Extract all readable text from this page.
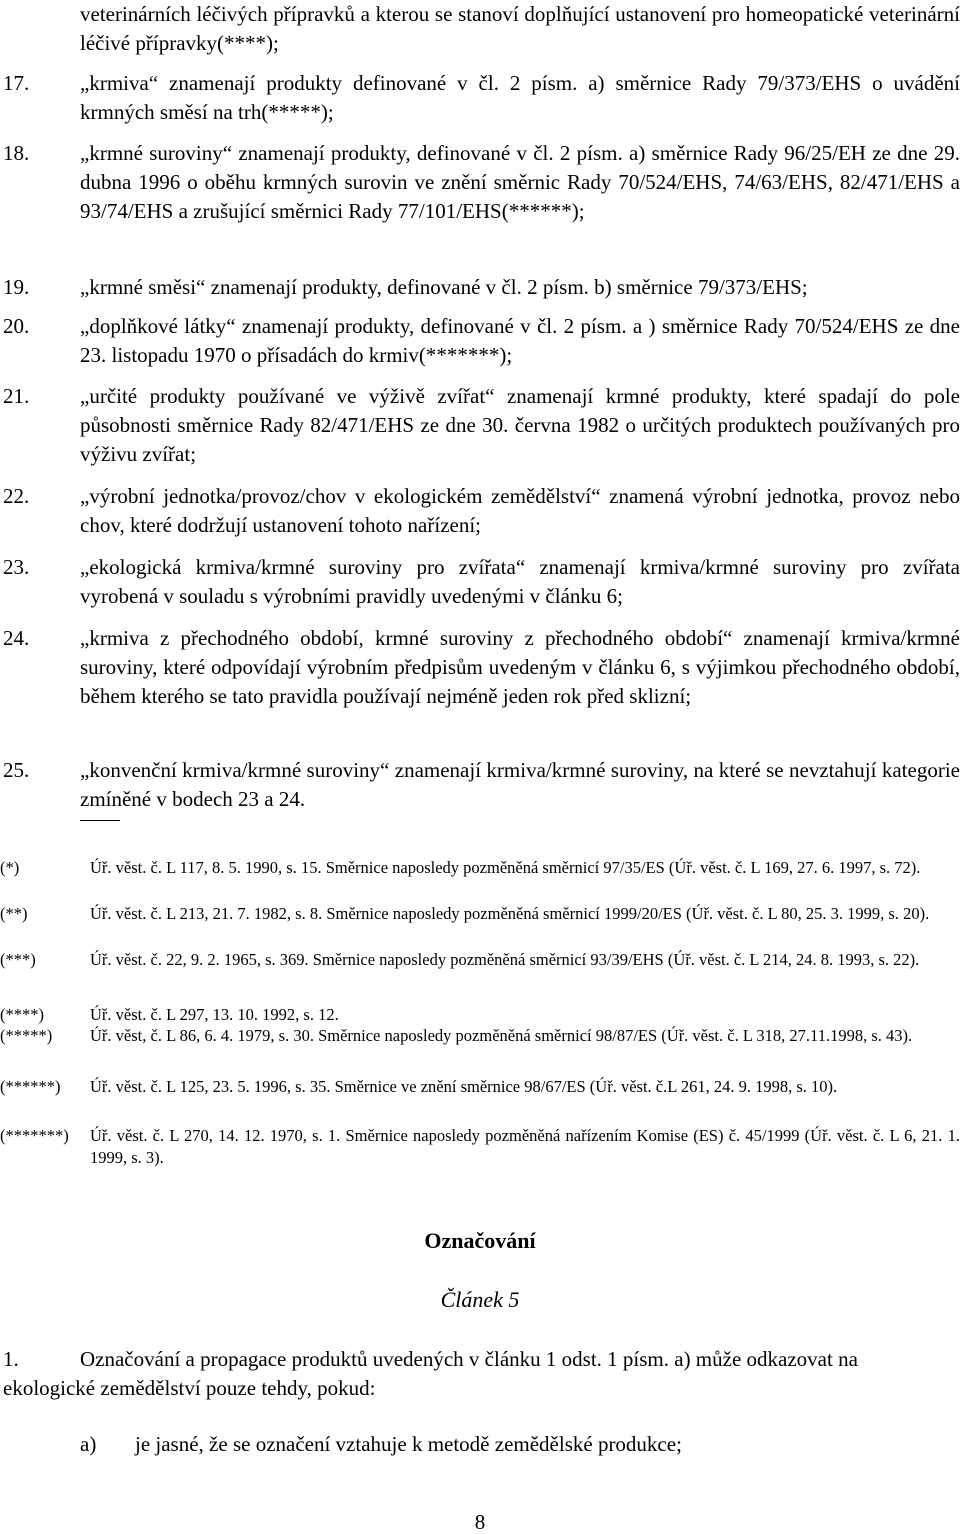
veterinárních léčivých přípravků a kterou se stanoví doplňující ustanovení pro homeopatické veterinární léčivé přípravky(****);
17. „krmiva“ znamenají produkty definované v čl. 2 písm. a) směrnice Rady 79/373/EHS o uvádění krmných směsí na trh(*****);
18. „krmné suroviny“ znamenají produkty, definované v čl. 2 písm. a) směrnice Rady 96/25/EH ze dne 29. dubna 1996 o oběhu krmných surovin ve znění směrnic Rady 70/524/EHS, 74/63/EHS, 82/471/EHS a 93/74/EHS a zrušující směrnici Rady 77/101/EHS(******);
19. „krmné směsi“ znamenají produkty, definované v čl. 2 písm. b) směrnice 79/373/EHS;
20. „doplňkové látky“ znamenají produkty, definované v čl. 2 písm. a ) směrnice Rady 70/524/EHS ze dne 23. listopadu 1970 o přísadách do krmiv(*******);
21. „určité produkty používané ve výživě zvířat“ znamenají krmné produkty, které spadají do pole působnosti směrnice Rady 82/471/EHS ze dne 30. června 1982 o určitých produktech používaných pro výživu zvířat;
22. „výrobní jednotka/provoz/chov v ekologickém zemědělství“ znamená výrobní jednotka, provoz nebo chov, které dodržují ustanovení tohoto nařízení;
23. „ekologická krmiva/krmné suroviny pro zvířata“ znamenají krmiva/krmné suroviny pro zvířata vyrobená v souladu s výrobními pravidly uvedenými v článku 6;
24. „krmiva z přechodného období, krmné suroviny z přechodného období“ znamenají krmiva/krmné suroviny, které odpovídají výrobním předpisům uvedeným v článku 6, s výjimkou přechodného období, během kterého se tato pravidla používají nejméně jeden rok před sklizní;
25. „konvenční krmiva/krmné suroviny“ znamenají krmiva/krmné suroviny, na které se nevztahují kategorie zmíněné v bodech 23 a 24.
(*)	Úř. věst. č. L 117, 8. 5. 1990, s. 15. Směrnice naposledy pozměněná směrnicí 97/35/ES (Úř. věst. č. L 169, 27. 6. 1997, s. 72).
(**)	Úř. věst. č. L 213, 21. 7. 1982, s. 8. Směrnice naposledy pozměněná směrnicí 1999/20/ES (Úř. věst. č. L 80, 25. 3. 1999, s. 20).
(***)	Úř. věst. č. 22, 9. 2. 1965, s. 369. Směrnice naposledy pozměněná směrnicí 93/39/EHS (Úř. věst. č. L 214, 24. 8. 1993, s. 22).
(****)	Úř. věst. č. L 297, 13. 10. 1992, s. 12.
(*****) Úř. věst, č. L 86, 6. 4. 1979, s. 30. Směrnice naposledy pozměněná směrnicí 98/87/ES (Úř. věst. č. L 318, 27.11.1998, s. 43).
(******) Úř. věst. č. L 125, 23. 5. 1996, s. 35. Směrnice ve znění směrnice 98/67/ES (Úř. věst. č.L 261, 24. 9. 1998, s. 10).
(*******) Úř. věst. č. L 270, 14. 12. 1970, s. 1. Směrnice naposledy pozměněná nařízením Komise (ES) č. 45/1999 (Úř. věst. č. L 6, 21. 1. 1999, s. 3).
Označování
Článek 5
1.	Označování a propagace produktů uvedených v článku 1 odst. 1 písm. a) může odkazovat na ekologické zemědělství pouze tehdy, pokud:
a) je jasné, že se označení vztahuje k metodě zemědělské produkce;
8
